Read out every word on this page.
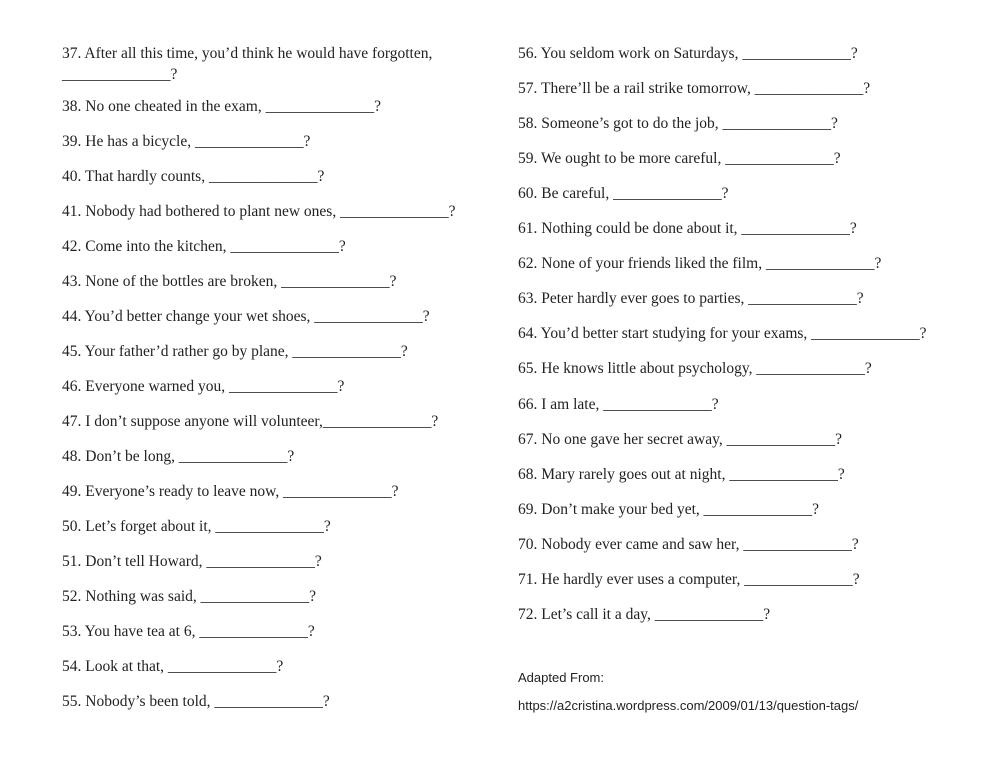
37. After all this time, you’d think he would have forgotten, ______________?
38. No one cheated in the exam, ______________?
39. He has a bicycle, ______________?
40. That hardly counts, ______________?
41. Nobody had bothered to plant new ones, ______________?
42. Come into the kitchen, ______________?
43. None of the bottles are broken, ______________?
44. You’d better change your wet shoes, ______________?
45. Your father’d rather go by plane, ______________?
46. Everyone warned you, ______________?
47. I don’t suppose anyone will volunteer,______________?
48. Don’t be long, ______________?
49. Everyone’s ready to leave now, ______________?
50. Let’s forget about it, ______________?
51. Don’t tell Howard, ______________?
52. Nothing was said, ______________?
53. You have tea at 6, ______________?
54. Look at that, ______________?
55. Nobody’s been told, ______________?
56. You seldom work on Saturdays, ______________?
57. There’ll be a rail strike tomorrow, ______________?
58. Someone’s got to do the job, ______________?
59. We ought to be more careful, ______________?
60. Be careful, ______________?
61. Nothing could be done about it, ______________?
62. None of your friends liked the film, ______________?
63. Peter hardly ever goes to parties, ______________?
64. You’d better start studying for your exams, ______________?
65. He knows little about psychology, ______________?
66. I am late, ______________?
67. No one gave her secret away, ______________?
68. Mary rarely goes out at night, ______________?
69. Don’t make your bed yet, ______________?
70. Nobody ever came and saw her, ______________?
71. He hardly ever uses a computer, ______________?
72. Let’s call it a day, ______________?
Adapted From:
https://a2cristina.wordpress.com/2009/01/13/question-tags/
